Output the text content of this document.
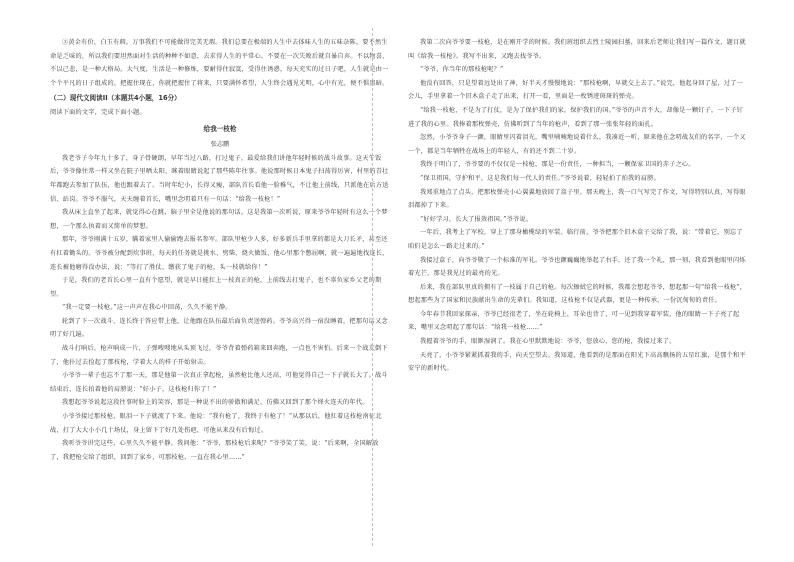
③黄金有价，白玉有瑕。万事我们不可能做得完美无瑕。我们总要在极端的人生中去体味人生的五味杂陈。要不然生命是乏味的，所以我们要坦然面对生活的种种不如意，去求得人生的平常心。不要在一次失败后就自暴自弃。不以物喜，不以己悲，是一种大格局。大气度，生活是一种修炼，要耐得住寂寞，受得住诱惑，每天充实的过日子吧，人生就是由一个个平凡的日子组成的，把握住现在，你就把握住了将来，只要满怀希望，人生终会遇见光明，心中有光，便不惧黑暗。

（二）现代文阅读II（本题共4小题，16分）

阅读下面的文字，完成下面小题。

给我一枝枪

张志鹏

我老爷子今年九十多了，身子骨硬朗，早年当过八路，打过鬼子，最爱给我们讲他年轻时候的战斗故事。这天午饭后，爷爷像往常一样又坐在院子里晒太阳，眯着眼睛说起了那些陈年往事。他说那时候日本鬼子扫荡得厉害，村里的青壮年都跑去参加了队伍，他也跟着去了。当时年纪小，长得又瘦，部队首长看他一脸稚气，不让他上前线，只派他在后方送信、站岗。爷爷不服气，天天缠着首长，嘴里念叨着只有一句话：“给我一枝枪！”

我从床上直坐了起来，就觉得心在跳，脑子里全是他说的那句话。这是我第一次听说，原来爷爷年轻时有这么一个梦想，一个那么执着而又简单的梦想。

那年，爷爷刚满十五岁，瞒着家里人偷偷跑去报名参军。部队里枪少人多，好多新兵手里拿的都是大刀长矛，甚至还有扛着锄头的。爷爷被分配到炊事班，每天的任务就是挑水、劈柴、烧火做饭，他心里那个憋屈啊，就一遍遍地找连长，连长被他磨得没办法，说：“等打了胜仗，缴获了鬼子的枪，头一枝就给你！”

于是，我们的老首长心里一直有个愿望，就是早日能扛上一枝真正的枪，上前线去打鬼子，也不辜负家乡父老的期望。

“我一定要一枝枪。”这一声声在我心中回荡，久久不能平静。

轮到了下一次战斗，连长终于答应带上他，让他跟在队伍最后面负责送弹药。爷爷高兴得一宿没睡着，把那句话又念叨了好几遍。

战斗打响后，枪声响成一片，子弹嗖嗖地从头顶飞过，爷爷背着弹药箱来回奔跑，一点也不害怕。后来一个战友倒下了，他扑过去捡起了那枝枪，学着大人的样子开始射击。

小爷爷一辈子也忘不了那一天，那是他第一次真正拿起枪，虽然枪比他人还高，可他觉得自己一下子就长大了。战斗结束后，连长拍着他的肩膀说：“好小子，这枝枪归你了！”

我想起爷爷说起这段往事时脸上的笑容，那是一种说不出的骄傲和满足，仿佛又回到了那个烽火连天的年代。

小爷爷接过那枝枪，眼泪一下子就流了下来。他说：“我有枪了，我终于有枪了！”从那以后，他扛着这枝枪南征北战，打了大大小小几十场仗，身上留下了好几处伤疤，可他从来没有后悔过。

我听爷爷讲完这些，心里久久不能平静。我问他：“爷爷，那枝枪后来呢？”爷爷笑了笑，说：“后来啊，全国解放了，我把枪交给了组织，回到了家乡，可那枝枪，一直在我心里……”

我第二次向爷爷要一枝枪，是在刚开学的时候。我们班组织去烈士陵园扫墓，回来后老师让我们写一篇作文，题目就叫《给我一枝枪》。我写不出来，又跑去找爷爷。

“爷爷，你当年的那枝枪呢？”

他没有回答，只是望着远处出了神，好半天才慢慢地说：“那枝枪啊，早就交上去了。”说完，他起身回了屋，过了一会儿，手里拿着一个旧木盒子走了出来，打开一看，里面是一枚锈迹斑斑的弹壳。

“给我一枝枪，不是为了打仗，是为了保护我们的家，保护我们的国。”爷爷的声音不大，却像是一颗钉子，一下子钉进了我的心里。我捧着那枚弹壳，仿佛听到了当年的枪声，看到了那一张张年轻的面孔。

忽然，小爷爷身子一颤，眼睛里闪着泪光，嘴里喃喃地说着什么，我凑近一听，原来他在念叨战友们的名字，一个又一个，都是当年牺牲在战场上的年轻人，有的还不到二十岁。

我终于明白了，爷爷要的不仅仅是一枝枪，那是一份责任，一种担当，一颗保家卫国的赤子之心。

“保卫祖国，守护和平，这是我们每一代人的责任。”爷爷说着，轻轻拍了拍我的肩膀。

我郑重地点了点头，把那枚弹壳小心翼翼地放回了盒子里。那天晚上，我一口气写完了作文，写得特别认真，写得眼泪都掉了下来。

“好好学习，长大了报效祖国。”爷爷说。

一年后，我考上了军校，穿上了那身橄榄绿的军装。临行前，爷爷把那个旧木盒子交给了我，说：“带着它，别忘了咱们是怎么一路走过来的。”

我接过盒子，向爷爷敬了一个标准的军礼。爷爷也颤巍巍地举起了右手，还了我一个礼，那一刻，我看到他眼里闪烁着光芒，那是我见过的最亮的光。

后来，我在部队里真的拥有了一枝属于自己的枪。每次擦拭它的时候，我都会想起爷爷，想起那一句“给我一枝枪”，想起那些为了国家和民族献出生命的先辈们。我知道，这枝枪不仅是武器，更是一种传承，一份沉甸甸的责任。

今年春节我回家探亲，爷爷已经很老了，坐在轮椅上，耳朵也背了，可一见到我穿着军装，他的眼睛一下子亮了起来，嘴里又念叨起了那句话：“给我一枝枪……”

我握着爷爷的手，眼眶湿润了。我在心里默默地说：爷爷，您放心，您的枪，我接过来了。

天亮了，小爷爷紧紧抓着我的手，向天空望去。我知道，他看到的是那面在阳光下高高飘扬的五星红旗，是那个和平安宁的新时代。
